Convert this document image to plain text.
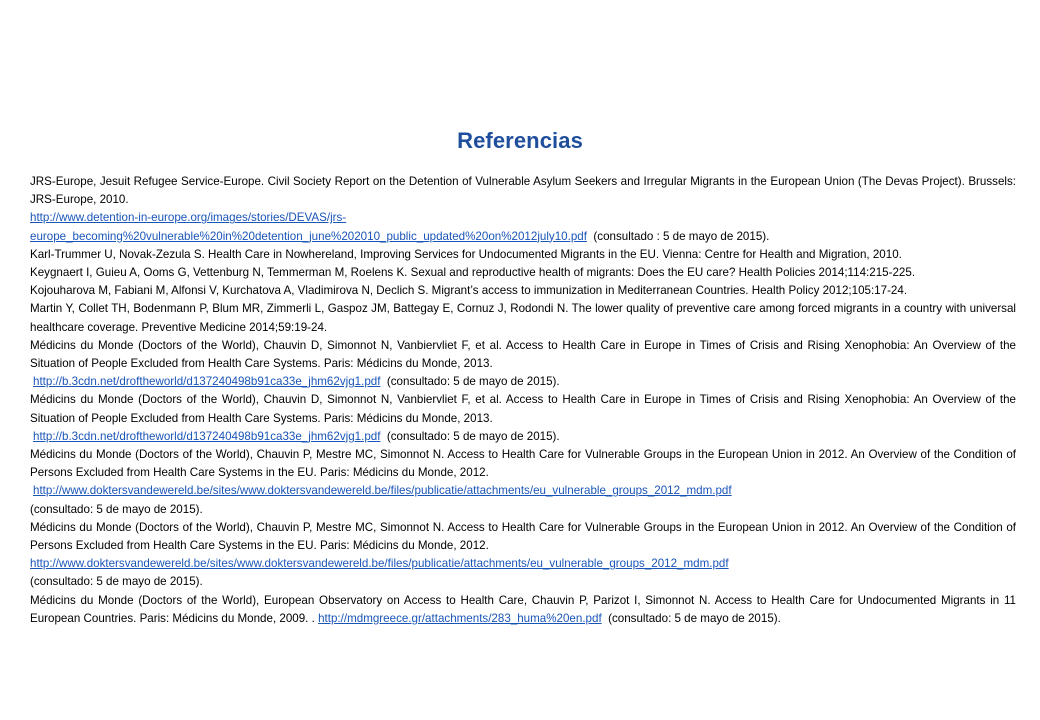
Referencias

JRS-Europe, Jesuit Refugee Service-Europe. Civil Society Report on the Detention of Vulnerable Asylum Seekers and Irregular Migrants in the European Union (The Devas Project). Brussels: JRS-Europe, 2010.

http://www.detention-in-europe.org/images/stories/DEVAS/jrs-
europe_becoming%20vulnerable%20in%20detention_june%202010_public_updated%20on%2012july10.pdf (consultado : 5 de mayo de 2015).

Karl-Trummer U, Novak-Zezula S. Health Care in Nowhereland, Improving Services for Undocumented Migrants in the EU. Vienna: Centre for Health and Migration, 2010.

Keygnaert I, Guieu A, Ooms G, Vettenburg N, Temmerman M, Roelens K. Sexual and reproductive health of migrants: Does the EU care? Health Policies 2014;114:215-225.

Kojouharova M, Fabiani M, Alfonsi V, Kurchatova A, Vladimirova N, Declich S. Migrant’s access to immunization in Mediterranean Countries. Health Policy 2012;105:17-24.

Martin Y, Collet TH, Bodenmann P, Blum MR, Zimmerli L, Gaspoz JM, Battegay E, Cornuz J, Rodondi N. The lower quality of preventive care among forced migrants in a country with universal healthcare coverage. Preventive Medicine 2014;59:19-24.

Médicins du Monde (Doctors of the World), Chauvin D, Simonnot N, Vanbiervliet F, et al. Access to Health Care in Europe in Times of Crisis and Rising Xenophobia: An Overview of the Situation of People Excluded from Health Care Systems. Paris: Médicins du Monde, 2013.

http://b.3cdn.net/droftheworld/d137240498b91ca33e_jhm62vjg1.pdf (consultado: 5 de mayo de 2015).

Médicins du Monde (Doctors of the World), Chauvin D, Simonnot N, Vanbiervliet F, et al. Access to Health Care in Europe in Times of Crisis and Rising Xenophobia: An Overview of the Situation of People Excluded from Health Care Systems. Paris: Médicins du Monde, 2013.

http://b.3cdn.net/droftheworld/d137240498b91ca33e_jhm62vjg1.pdf (consultado: 5 de mayo de 2015).

Médicins du Monde (Doctors of the World), Chauvin P, Mestre MC, Simonnot N. Access to Health Care for Vulnerable Groups in the European Union in 2012. An Overview of the Condition of Persons Excluded from Health Care Systems in the EU. Paris: Médicins du Monde, 2012.

http://www.doktersvandewereld.be/sites/www.doktersvandewereld.be/files/publicatie/attachments/eu_vulnerable_groups_2012_mdm.pdf

(consultado: 5 de mayo de 2015).

Médicins du Monde (Doctors of the World), Chauvin P, Mestre MC, Simonnot N. Access to Health Care for Vulnerable Groups in the European Union in 2012. An Overview of the Condition of Persons Excluded from Health Care Systems in the EU. Paris: Médicins du Monde, 2012.

http://www.doktersvandewereld.be/sites/www.doktersvandewereld.be/files/publicatie/attachments/eu_vulnerable_groups_2012_mdm.pdf

(consultado: 5 de mayo de 2015).

Médicins du Monde (Doctors of the World), European Observatory on Access to Health Care, Chauvin P, Parizot I, Simonnot N. Access to Health Care for Undocumented Migrants in 11 European Countries. Paris: Médicins du Monde, 2009. . http://mdmgreece.gr/attachments/283_huma%20en.pdf (consultado: 5 de mayo de 2015).
